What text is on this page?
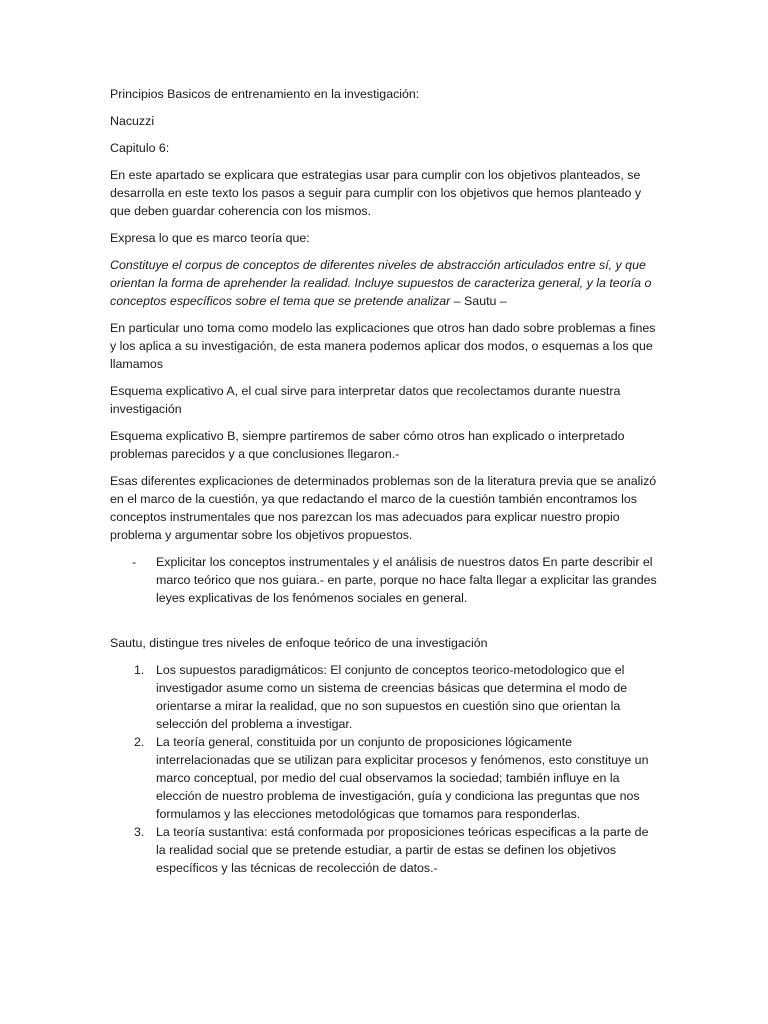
Principios Basicos de entrenamiento en la investigación:

Nacuzzi

Capitulo 6:

En este apartado se explicara que estrategias usar para cumplir con los objetivos planteados, se desarrolla en este texto los pasos a seguir para cumplir con los objetivos que hemos planteado y que deben guardar coherencia con los mismos.

Expresa lo que es marco teoría que:

Constituye el corpus de conceptos de diferentes niveles de abstracción articulados entre sí, y que orientan la forma de aprehender la realidad. Incluye supuestos de caracteriza general, y la teoría o conceptos específicos sobre el tema que se pretende analizar – Sautu –

En particular uno toma como modelo las explicaciones que otros han dado sobre problemas a fines y los aplica a su investigación, de esta manera podemos aplicar dos modos, o esquemas a los que llamamos

Esquema explicativo A, el cual sirve para interpretar datos que recolectamos durante nuestra investigación

Esquema explicativo B, siempre partiremos de saber cómo otros han explicado o interpretado problemas parecidos y a que conclusiones llegaron.-

Esas diferentes explicaciones de determinados problemas son de la literatura previa que se analizó en el marco de la cuestión, ya que redactando el marco de la cuestión también encontramos los conceptos instrumentales que nos parezcan los mas adecuados para explicar nuestro propio problema y argumentar sobre los objetivos propuestos.

- Explicitar los conceptos instrumentales y el análisis de nuestros datos En parte describir el marco teórico que nos guiara.- en parte, porque no hace falta llegar a explicitar las grandes leyes explicativas de los fenómenos sociales en general.

Sautu, distingue tres niveles de enfoque teórico de una investigación

1. Los supuestos paradigmáticos: El conjunto de conceptos teorico-metodologico que el investigador asume como un sistema de creencias básicas que determina el modo de orientarse a mirar la realidad, que no son supuestos en cuestión sino que orientan la selección del problema a investigar.
2. La teoría general, constituida por un conjunto de proposiciones lógicamente interrelacionadas que se utilizan para explicitar procesos y fenómenos, esto constituye un marco conceptual, por medio del cual observamos la sociedad; también influye en la elección de nuestro problema de investigación, guía y condiciona las preguntas que nos formulamos y las elecciones metodológicas que tomamos para responderlas.
3. La teoría sustantiva: está conformada por proposiciones teóricas especificas a la parte de la realidad social que se pretende estudiar, a partir de estas se definen los objetivos específicos y las técnicas de recolección de datos.-
